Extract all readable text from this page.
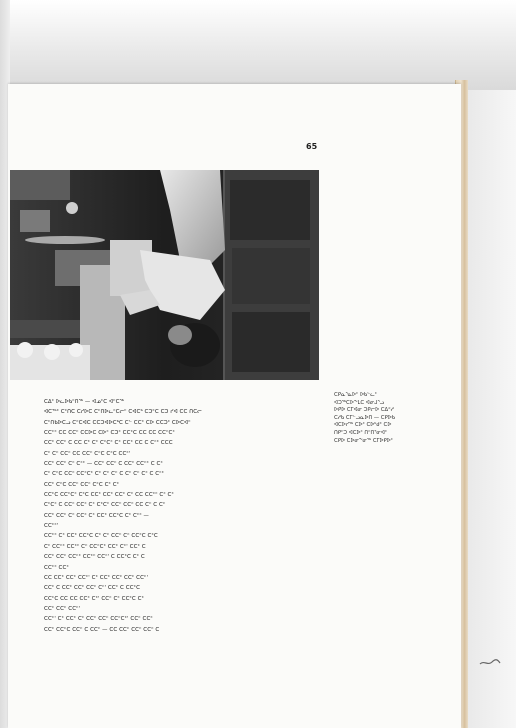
65
ᑕᑭᓇᕐᓇᐅᑦ ᐅᑲᓪᓚᑦ
ᐊᑐᖅᑕᐅᖕᒪᑕ ᐊᓂᒍᕐᓗ
ᐅᑭᐅ ᑕᒥᐊᓂ ᑐᑭᓕᐅ ᑕᐃᑉᓱ
ᑕᓱᑲ ᑕᒥᓪᓗᓇᐅᑎ — ᑕᑭᐅᑲ
ᐊᑕᐅᓯᖅ ᑕᐅᑦ ᑕᐅᒃᑯᑦ ᑕᐅ
ᑎᑭᑦᑐ ᐊᑕᐅᑦ ᑎᑦᑎᕐᓂᐊᑦ
ᑕᑭᐅ ᑕᐅᓂᖕᓂᖅ ᑕᒥᐅᑭᐅᑦ
ᑕᐃᑦ ᐅᓚᐅᑲᑦᑎᖅ — ᐊᓄᑦᑕ ᐊᑦᑕᖅ
ᐊᑕᖅᑦ ᑕᑦᑎᑕ ᑕᓯᐅᑕ ᑕᑦᑎᐅᓚᑦᑕᓕᑦ ᑕᐊᑕᒃ ᑕᑐᑦᑕ ᑕᑐ ᓯᐊ ᑕᑕ ᑎᑕᓕ
ᑕᑦᑎᑲᐅᑕᓗ ᑕᑦᑕᐊᑕ ᑕᑕᑐᐊᐅᑕᒃᑕ ᑕᓪ ᑕᑕᑦ ᑕᐅ ᑕᑕᑐᑦ ᑕᐅᑕᐊᑦ
ᑕᑕᑦᑦ ᑕᑕ ᑕᑕᑦ ᑕᑕᐅᑕ ᑕᐅᑦ ᑕᑐᑦ ᑕᑕᑦᑕ ᑕᑕ ᑕᑕ ᑕᑕᑦᑕᑦ
ᑕᑕᑦ ᑕᑕᑦ ᑕ ᑕᑕ ᑕᑦ ᑕᑦ ᑕᑦᑕᑦ ᑕᑦ ᑕᑕᑦ ᑕᑕ ᑕ ᑕᑦᑦ ᑕᑕᑕ
ᑕᑦ ᑕᑦ ᑕᑕᑦ ᑕᑕ ᑕᑕᑦ ᑕᑦᑕ ᑕᑦᑕ ᑕᑕᑦ'
ᑕᑕᑦ ᑕᑕᑦ ᑕᑦ ᑕᑦᑦ — ᑕᑕᑦ ᑕᑕᑦ ᑕ ᑕᑕᑦ ᑕᑕᑦᑦ ᑕ ᑕᑦ
ᑕᑦ ᑕᑦᑕ ᑕᑕᑦ ᑕᑕᑦᑕᑦ ᑕᑦ ᑕᑦ ᑕᑦ ᑕ ᑕᑦ ᑕᑦ ᑕᑦ ᑕ ᑕᑦᑦ
ᑕᑕᑦ ᑕᑦᑕ ᑕᑕᑦ ᑕᑕᑦ ᑕᑦᑕ ᑕᑦ ᑕᑦ
ᑕᑕᑦᑕ ᑕᑕᑦᑕᑦ ᑕᑦᑕ ᑕᑕᑦ ᑕᑕᑦ ᑕᑕᑦ ᑕᑦ ᑕᑕ ᑕᑕᑦᑦ ᑕᑦ ᑕᑦ
ᑕᑦᑕᑦ ᑕ ᑕᑕᑦ ᑕᑕᑦ ᑕᑦ ᑕᑦᑕᑦ ᑕᑕᑦ ᑕᑕᑦ ᑕᑕ ᑕᑦ ᑕ ᑕᑦ
ᑕᑕᑦ ᑕᑕᑦ ᑕᑦ ᑕᑕᑦ ᑕᑦ ᑕᑕᑦ ᑕᑕᑦᑕ ᑕᑦ ᑕᑦᑦ —
ᑕᑕᑦᑦ'
ᑕᑕᑦᑦ ᑕᑦ ᑕᑕᑦ ᑕᑕᑦᑕ ᑕᑦ ᑕᑦ ᑕᑕᑦ ᑕᑦ ᑕᑕᑦᑕ ᑕᑦᑕ
ᑕᑦ ᑕᑕᑦᑦ ᑕᑕᑦᑦ ᑕᑦ ᑕᑕᑦᑕᑦ ᑕᑕᑦ ᑕᑦ' ᑕᑕᑦ ᑕ
ᑕᑕᑦ ᑕᑕᑦ ᑕᑕᑦᑦ ᑕᑕᑦᑦ ᑕᑕᑦ' ᑕ ᑕᑕᑦᑕ ᑕᑦ ᑕ
ᑕᑕᑦᑦ ᑕᑕᑦ
ᑕᑕ ᑕᑕᑦ ᑕᑕᑦ ᑕᑕᑦ' ᑕᑦ ᑕᑕᑦ ᑕᑕᑦ ᑕᑕᑦ ᑕᑕᑦ'
ᑕᑕᑦ ᑕ ᑕᑕᑦ ᑕᑕᑦ ᑕᑕᑦ ᑕᑦ' ᑕᑕᑦ ᑕ ᑕᑕᑦᑕ
ᑕᑕᑦᑕ ᑕᑕ ᑕᑕ ᑕᑕᑦ ᑕᑦ' ᑕᑕᑦ ᑕᑦ ᑕᑕᑦᑕ ᑕᑦ
ᑕᑕᑦ ᑕᑕᑦ ᑕᑕᑦ'
ᑕᑕᑦ' ᑕᑦ ᑕᑕᑦ ᑕᑦ ᑕᑕᑦ ᑕᑕᑦ ᑕᑕᑦᑕᑦ' ᑕᑕᑦ ᑕᑕᑦ
ᑕᑕᑦ ᑕᑕᑦᑕ ᑕᑕᑦ ᑕ ᑕᑕᑦ — ᑕᑕ ᑕᑕᑦ ᑕᑕᑦ ᑕᑕᑦ ᑕ
